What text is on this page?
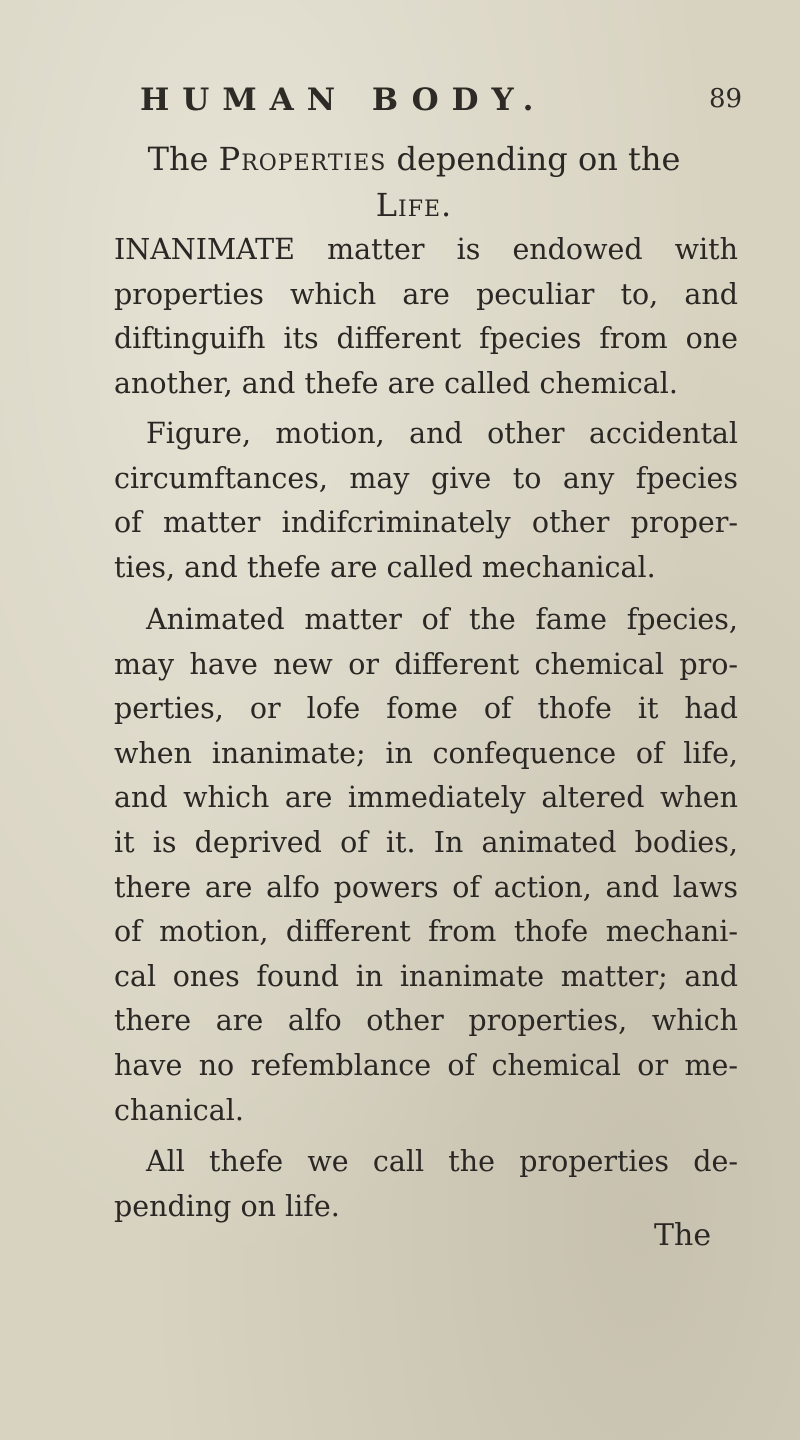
HUMAN BODY.	89
The Properties depending on the
Life.

INANIMATE matter is endowed with
properties which are peculiar to, and
diftinguifh its different fpecies from one
another, and thefe are called chemical.

Figure, motion, and other accidental
circumftances, may give to any fpecies
of matter indifcriminately other proper-
ties, and thefe are called mechanical.

Animated matter of the fame fpecies,
may have new or different chemical pro-
perties, or lofe fome of thofe it had
when inanimate; in confequence of life,
and which are immediately altered when
it is deprived of it. In animated bodies,
there are alfo powers of action, and laws
of motion, different from thofe mechani-
cal ones found in inanimate matter; and
there are alfo other properties, which
have no refemblance of chemical or me-
chanical.

All thefe we call the properties de-
pending on life.

The
